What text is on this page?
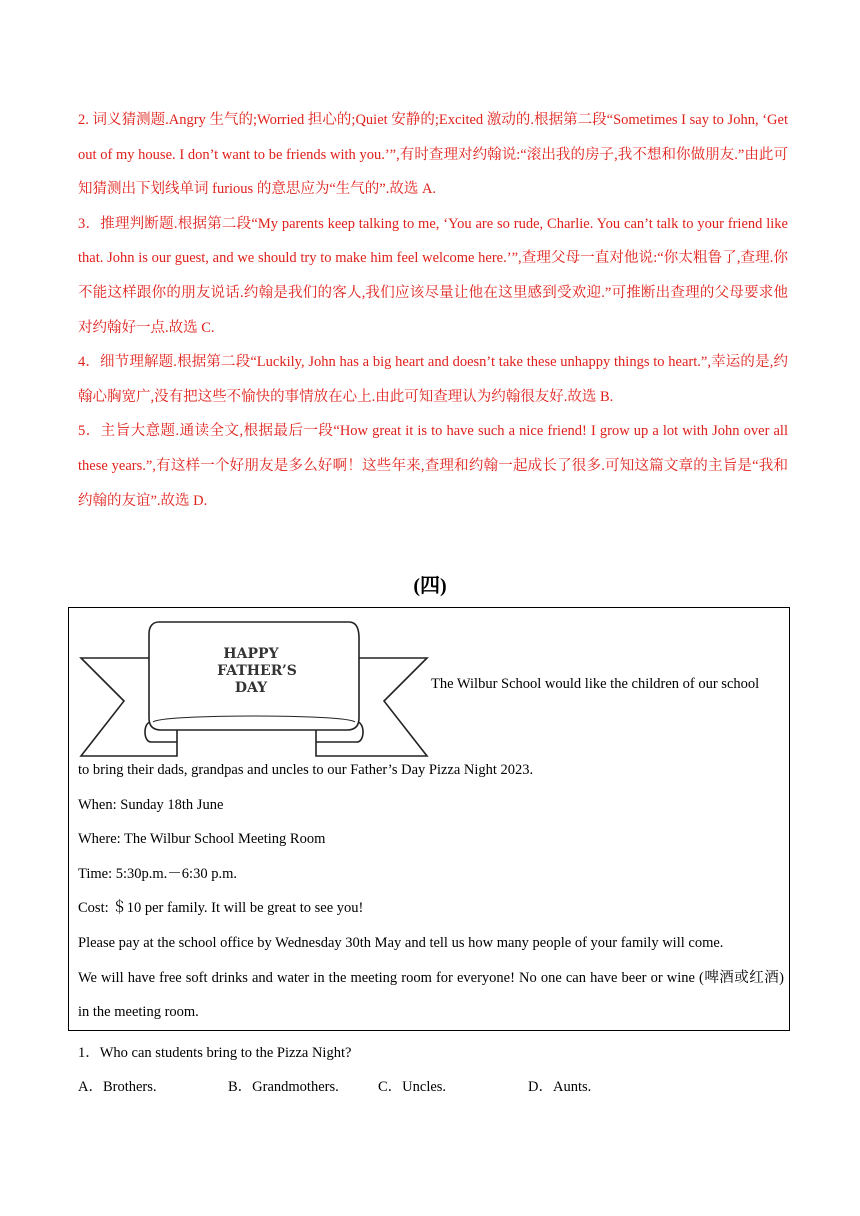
2. 词义猜测题.Angry 生气的;Worried 担心的;Quiet 安静的;Excited 激动的.根据第二段“Sometimes I say to John, ‘Get out of my house. I don’t want to be friends with you.’”,有时查理对约翰说:“滚出我的房子,我不想和你做朋友.”由此可知猜测出下划线单词 furious 的意思应为“生气的”.故选 A.

3．推理判断题.根据第二段“My parents keep talking to me, ‘You are so rude, Charlie. You can’t talk to your friend like that. John is our guest, and we should try to make him feel welcome here.’”,查理父母一直对他说:“你太粗鲁了,查理.你不能这样跟你的朋友说话.约翰是我们的客人,我们应该尽量让他在这里感到受欢迎.”可推断出查理的父母要求他对约翰好一点.故选 C.

4．细节理解题.根据第二段“Luckily, John has a big heart and doesn’t take these unhappy things to heart.”,幸运的是,约翰心胸宽广,没有把这些不愉快的事情放在心上.由此可知查理认为约翰很友好.故选 B.

5．主旨大意题.通读全文,根据最后一段“How great it is to have such a nice friend! I grow up a lot with John over all these years.”,有这样一个好朋友是多么好啊！这些年来,查理和约翰一起成长了很多.可知这篇文章的主旨是“我和约翰的友谊”.故选 D.

(四)
HAPPY
FATHER’S
DAY	The Wilbur School would like the children of our school

to bring their dads, grandpas and uncles to our Father’s Day Pizza Night 2023.

When: Sunday 18th June

Where: The Wilbur School Meeting Room

Time: 5:30p.m.－6:30 p.m.

Cost: ＄10 per family. It will be great to see you!

Please pay at the school office by Wednesday 30th May and tell us how many people of your family will come.

We will have free soft drinks and water in the meeting room for everyone! No one can have beer or wine (啤酒或红酒) in the meeting room.

1．Who can students bring to the Pizza Night?
A．Brothers.	B．Grandmothers.	C．Uncles.	D．Aunts.
